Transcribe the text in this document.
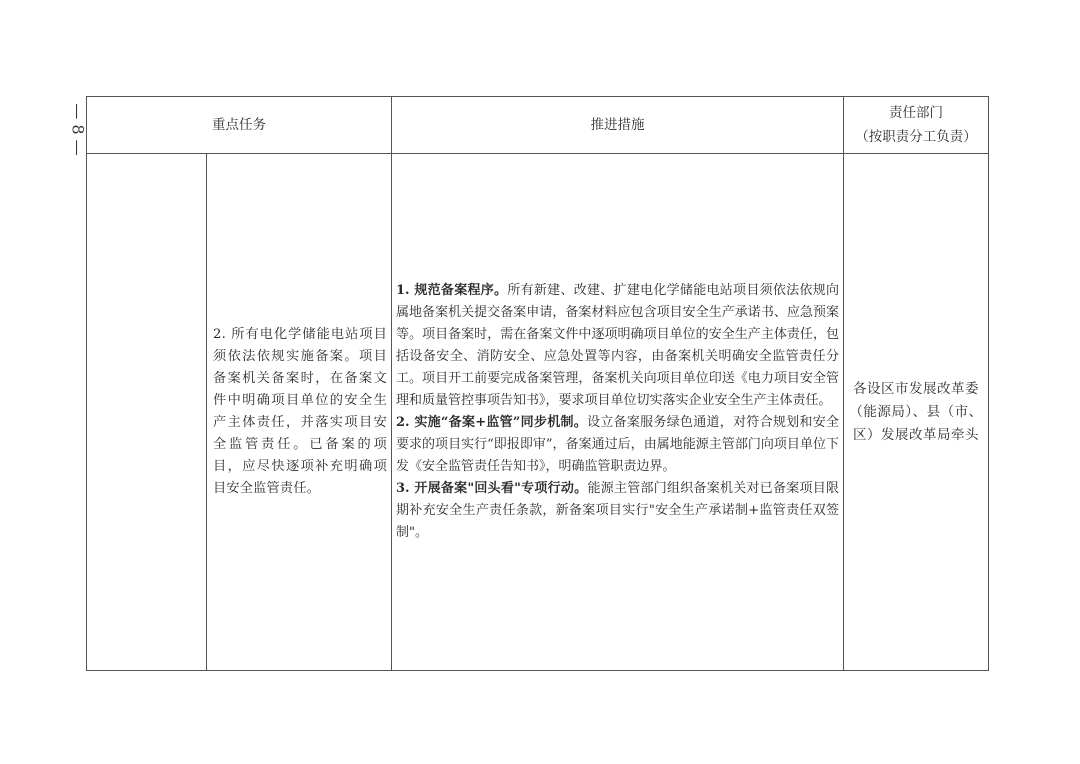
— 8 —	重点任务		推进措施	责任部门
（按职责分工负责）

	2. 所有电化学储能电站项目须依法依规实施备案。项目备案机关备案时，在备案文件中明确项目单位的安全生产主体责任，并落实项目安全监管责任。已备案的项目，应尽快逐项补充明确项目安全监管责任。	1. 规范备案程序。所有新建、改建、扩建电化学储能电站项目须依法依规向属地备案机关提交备案申请，备案材料应包含项目安全生产承诺书、应急预案等。项目备案时，需在备案文件中逐项明确项目单位的安全生产主体责任，包括设备安全、消防安全、应急处置等内容，由备案机关明确安全监管责任分工。项目开工前要完成备案管理，备案机关向项目单位印送《电力项目安全管理和质量管控事项告知书》，要求项目单位切实落实企业安全生产主体责任。

2. 实施“备案+监管”同步机制。设立备案服务绿色通道，对符合规划和安全要求的项目实行“即报即审”，备案通过后，由属地能源主管部门向项目单位下发《安全监管责任告知书》，明确监管职责边界。

3. 开展备案"回头看"专项行动。能源主管部门组织备案机关对已备案项目限期补充安全生产责任条款，新备案项目实行"安全生产承诺制+监管责任双签制"。	各设区市发展改革委（能源局）、县（市、区）发展改革局牵头
